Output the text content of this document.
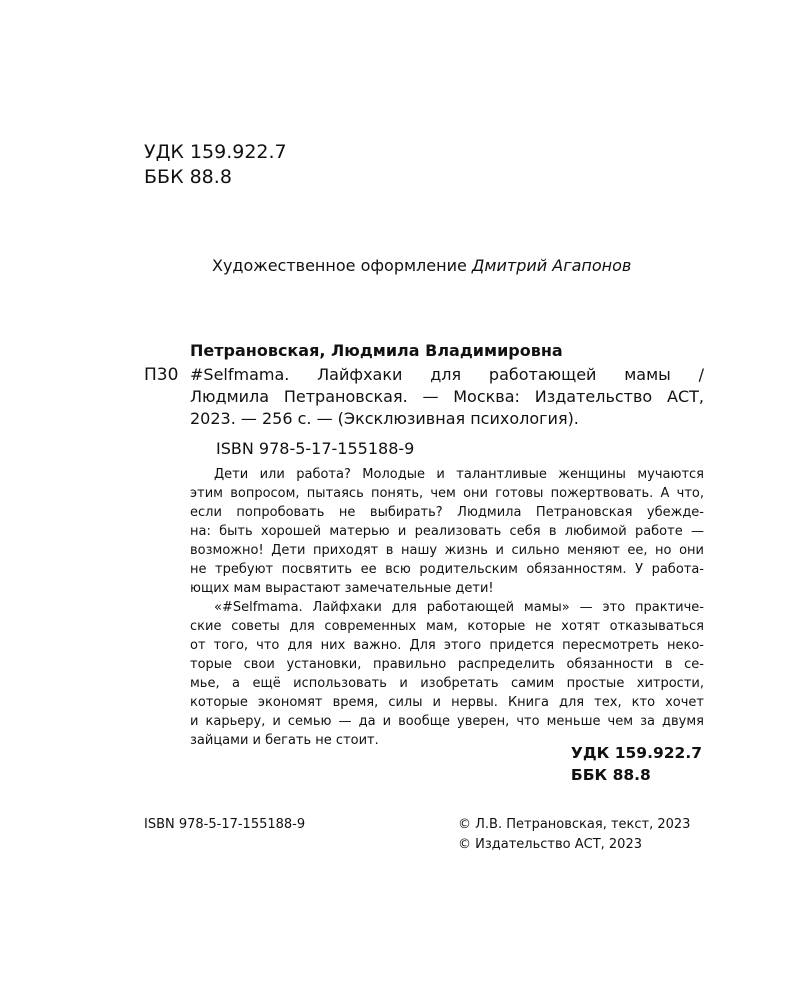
УДК 159.922.7
ББК 88.8
Художественное оформление Дмитрий Агапонов
Петрановская, Людмила Владимировна
П30 #Selfmama. Лайфхаки для работающей мамы /
Людмила Петрановская. — Москва: Издательство АСТ,
2023. — 256 с. — (Эксклюзивная психология).
ISBN 978-5-17-155188-9
Дети или работа? Молодые и талантливые женщины мучаются
этим вопросом, пытаясь понять, чем они готовы пожертвовать. А что,
если попробовать не выбирать? Людмила Петрановская убежде-
на: быть хорошей матерью и реализовать себя в любимой работе —
возможно! Дети приходят в нашу жизнь и сильно меняют ее, но они
не требуют посвятить ее всю родительским обязанностям. У работа-
ющих мам вырастают замечательные дети!
«#Selfmama. Лайфхаки для работающей мамы» — это практиче-
ские советы для современных мам, которые не хотят отказываться
от того, что для них важно. Для этого придется пересмотреть неко-
торые свои установки, правильно распределить обязанности в се-
мье, а ещё использовать и изобретать самим простые хитрости,
которые экономят время, силы и нервы. Книга для тех, кто хочет
и карьеру, и семью — да и вообще уверен, что меньше чем за двумя
зайцами и бегать не стоит.
УДК 159.922.7
ББК 88.8
ISBN 978-5-17-155188-9	© Л.В. Петрановская, текст, 2023
© Издательство АСТ, 2023
